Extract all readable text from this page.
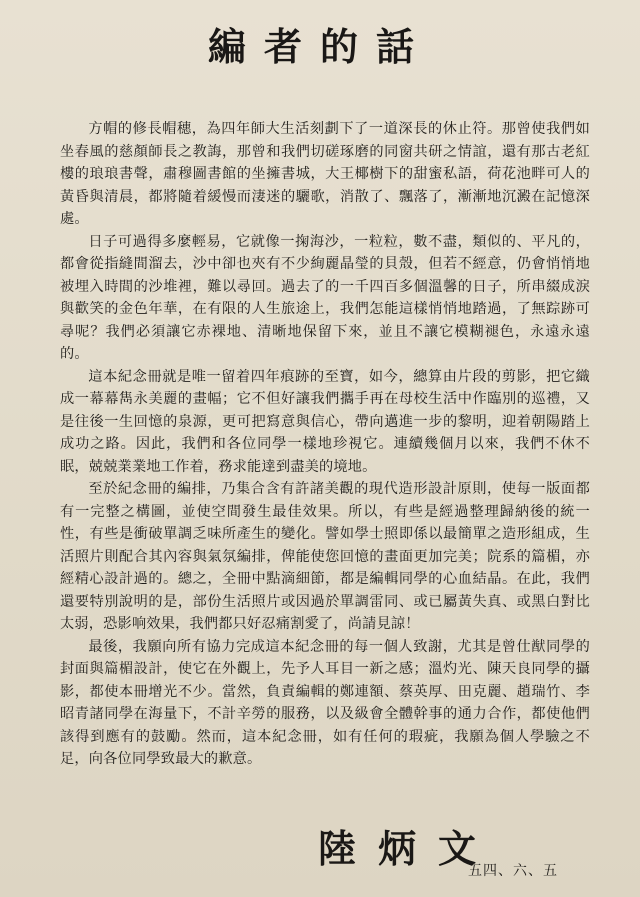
編者的話

方帽的修長帽穗，為四年師大生活刻劃下了一道深長的休止符。那曾使我們如坐春風的慈顏師長之教誨，那曾和我們切磋琢磨的同窗共研之情誼，還有那古老紅樓的琅琅書聲，肅穆圖書館的坐擁書城，大王椰樹下的甜蜜私語，荷花池畔可人的黃昏與清晨，都將隨着緩慢而淒迷的驪歌，消散了、飄落了，漸漸地沉澱在記憶深處。

日子可過得多麼輕易，它就像一掬海沙，一粒粒，數不盡，類似的、平凡的，都會從指縫間溜去，沙中卻也夾有不少絢麗晶瑩的貝殼，但若不經意，仍會悄悄地被埋入時間的沙堆裡，難以尋回。過去了的一千四百多個溫馨的日子，所串綴成淚與歡笑的金色年華，在有限的人生旅途上，我們怎能這樣悄悄地踏過，了無踪跡可尋呢？我們必須讓它赤裸地、清晰地保留下來，並且不讓它模糊褪色，永遠永遠的。

這本紀念冊就是唯一留着四年痕跡的至寶，如今，總算由片段的剪影，把它織成一幕幕雋永美麗的畫幅；它不但好讓我們攜手再在母校生活中作臨別的巡禮，又是往後一生回憶的泉源，更可把寫意與信心，帶向邁進一步的黎明，迎着朝陽踏上成功之路。因此，我們和各位同學一樣地珍視它。連續幾個月以來，我們不休不眠，兢兢業業地工作着，務求能達到盡美的境地。

至於紀念冊的編排，乃集合含有許諸美觀的現代造形設計原則，使每一版面都有一完整之構圖，並使空間發生最佳效果。所以，有些是經過整理歸納後的統一性，有些是衝破單調乏味所產生的變化。譬如學士照即係以最簡單之造形組成，生活照片則配合其內容與氣氛編排，俾能使您回憶的畫面更加完美；院系的篇楣，亦經精心設計過的。總之，全冊中點滴細節，都是編輯同學的心血結晶。在此，我們還要特別說明的是，部份生活照片或因過於單調雷同、或已屬黃失真、或黑白對比太弱，恐影响效果，我們都只好忍痛割愛了，尚請見諒！

最後，我願向所有協力完成這本紀念冊的每一個人致謝，尤其是曾仕猷同學的封面與篇楣設計，使它在外觀上，先予人耳目一新之感；溫灼光、陳天良同學的攝影，都使本冊增光不少。當然，負責編輯的鄭連額、蔡英厚、田克麗、趙瑞竹、李昭青諸同學在海量下，不計辛勞的服務，以及級會全體幹事的通力合作，都使他們該得到應有的鼓勵。然而，這本紀念冊，如有任何的瑕疵，我願為個人學驗之不足，向各位同學致最大的歉意。

陸炳文
五四、六、五
